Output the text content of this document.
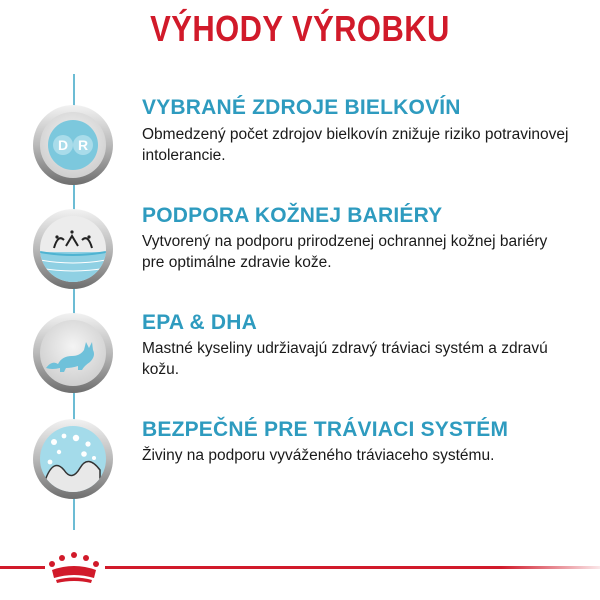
VÝHODY VÝROBKU
D R
VYBRANÉ ZDROJE BIELKOVÍN
Obmedzený počet zdrojov bielkovín znižuje riziko potravinovej intolerancie.
PODPORA KOŽNEJ BARIÉRY
Vytvorený na podporu prirodzenej ochrannej kožnej bariéry pre optimálne zdravie kože.
EPA & DHA
Mastné kyseliny udržiavajú zdravý tráviaci systém a zdravú kožu.
BEZPEČNÉ PRE TRÁVIACI SYSTÉM
Živiny na podporu vyváženého tráviaceho systému.
